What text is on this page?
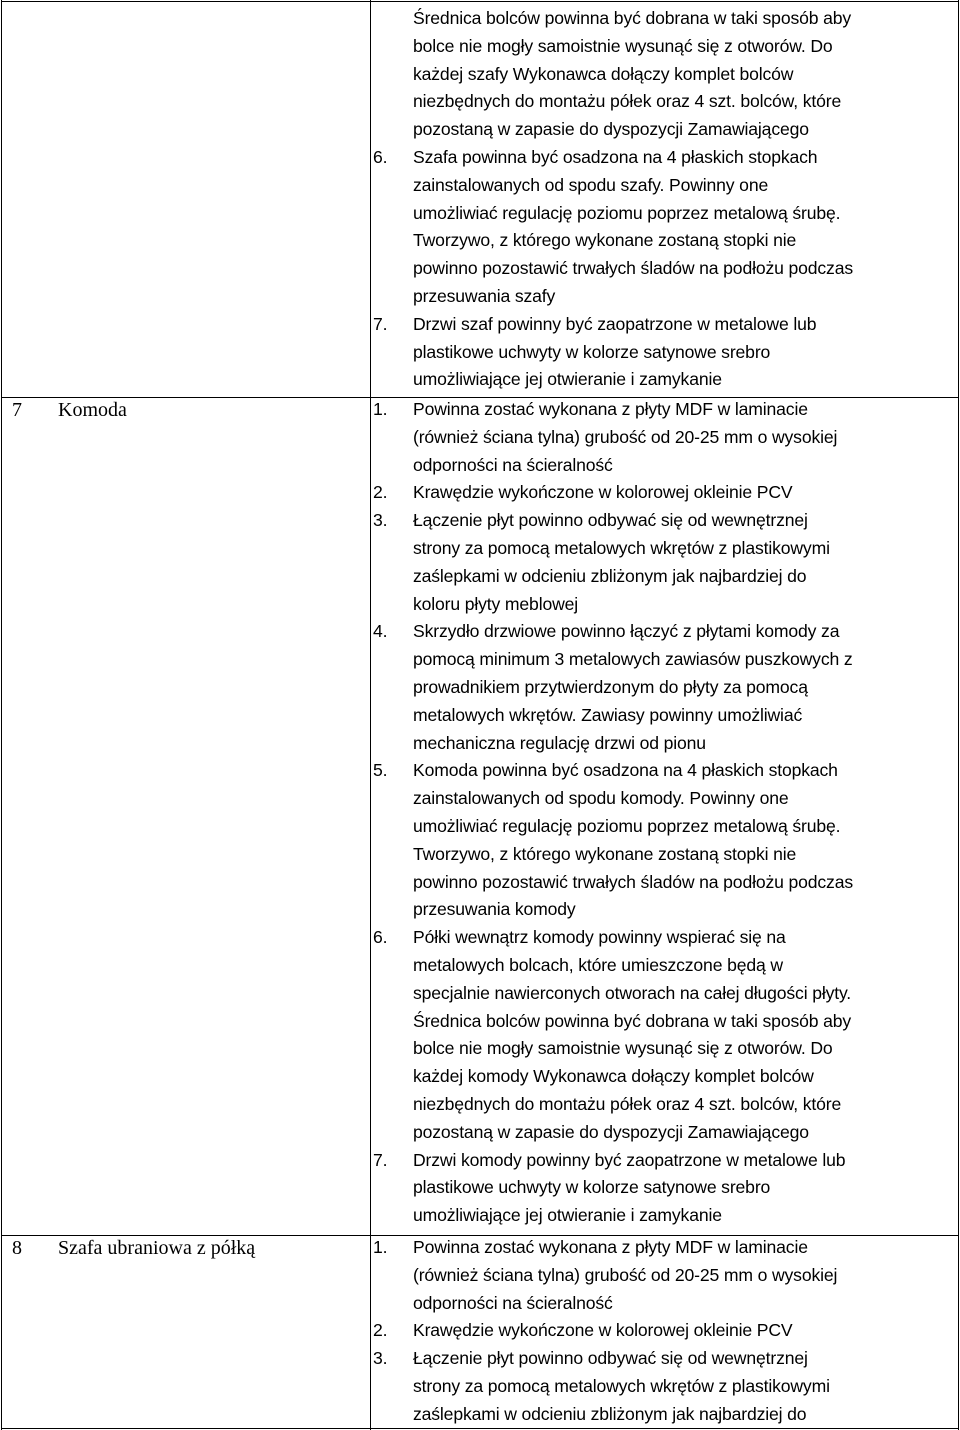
Średnica bolców powinna być dobrana w taki sposób aby
bolce nie mogły samoistnie wysunąć się z otworów. Do
każdej szafy Wykonawca dołączy komplet bolców
niezbędnych do montażu półek oraz 4 szt. bolców, które
pozostaną w zapasie do dyspozycji Zamawiającego
6.	Szafa powinna być osadzona na 4 płaskich stopkach
zainstalowanych od spodu szafy. Powinny one
umożliwiać regulację poziomu poprzez metalową śrubę.
Tworzywo, z którego wykonane zostaną stopki nie
powinno pozostawić trwałych śladów na podłożu podczas
przesuwania szafy
7.	Drzwi szaf powinny być zaopatrzone w metalowe lub
plastikowe uchwyty w kolorze satynowe srebro
umożliwiające jej otwieranie i zamykanie
7 Komoda	1.	Powinna zostać wykonana z płyty MDF w laminacie
(również ściana tylna) grubość od 20-25 mm o wysokiej
odporności na ścieralność
2.	Krawędzie wykończone w kolorowej okleinie PCV
3.	Łączenie płyt powinno odbywać się od wewnętrznej
strony za pomocą metalowych wkrętów z plastikowymi
zaślepkami w odcieniu zbliżonym jak najbardziej do
koloru płyty meblowej
4.	Skrzydło drzwiowe powinno łączyć z płytami komody za
pomocą minimum 3 metalowych zawiasów puszkowych z
prowadnikiem przytwierdzonym do płyty za pomocą
metalowych wkrętów. Zawiasy powinny umożliwiać
mechaniczna regulację drzwi od pionu
5.	Komoda powinna być osadzona na 4 płaskich stopkach
zainstalowanych od spodu komody. Powinny one
umożliwiać regulację poziomu poprzez metalową śrubę.
Tworzywo, z którego wykonane zostaną stopki nie
powinno pozostawić trwałych śladów na podłożu podczas
przesuwania komody
6.	Półki wewnątrz komody powinny wspierać się na
metalowych bolcach, które umieszczone będą w
specjalnie nawierconych otworach na całej długości płyty.
Średnica bolców powinna być dobrana w taki sposób aby
bolce nie mogły samoistnie wysunąć się z otworów. Do
każdej komody Wykonawca dołączy komplet bolców
niezbędnych do montażu półek oraz 4 szt. bolców, które
pozostaną w zapasie do dyspozycji Zamawiającego
7.	Drzwi komody powinny być zaopatrzone w metalowe lub
plastikowe uchwyty w kolorze satynowe srebro
umożliwiające jej otwieranie i zamykanie
8 Szafa ubraniowa z półką	1.	Powinna zostać wykonana z płyty MDF w laminacie
(również ściana tylna) grubość od 20-25 mm o wysokiej
odporności na ścieralność
2.	Krawędzie wykończone w kolorowej okleinie PCV
3.	Łączenie płyt powinno odbywać się od wewnętrznej
strony za pomocą metalowych wkrętów z plastikowymi
zaślepkami w odcieniu zbliżonym jak najbardziej do
